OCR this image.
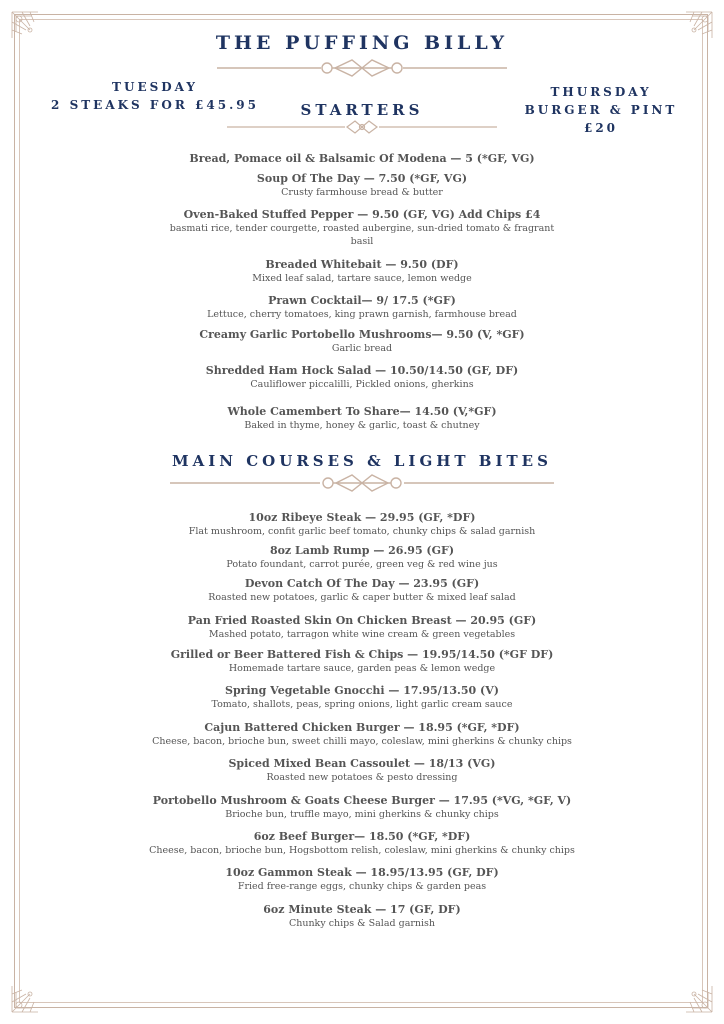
THE PUFFING BILLY
TUESDAY
2 STEAKS FOR £45.95
THURSDAY
BURGER & PINT £20
STARTERS
Bread, Pomace oil & Balsamic Of Modena — 5 (*GF, VG)
Soup Of The Day — 7.50 (*GF, VG)
Crusty farmhouse bread & butter
Oven-Baked Stuffed Pepper — 9.50 (GF, VG) Add Chips £4
basmati rice, tender courgette, roasted aubergine, sun-dried tomato & fragrant basil
Breaded Whitebait — 9.50 (DF)
Mixed leaf salad, tartare sauce, lemon wedge
Prawn Cocktail— 9/ 17.5 (*GF)
Lettuce, cherry tomatoes, king prawn garnish, farmhouse bread
Creamy Garlic Portobello Mushrooms— 9.50 (V, *GF)
Garlic bread
Shredded Ham Hock Salad — 10.50/14.50 (GF, DF)
Cauliflower piccalilli, Pickled onions, gherkins
Whole Camembert To Share— 14.50 (V,*GF)
Baked in thyme, honey & garlic, toast & chutney
MAIN COURSES & LIGHT BITES
10oz Ribeye Steak — 29.95 (GF, *DF)
Flat mushroom, confit garlic beef tomato, chunky chips & salad garnish
8oz Lamb Rump — 26.95 (GF)
Potato foundant, carrot purée, green veg & red wine jus
Devon Catch Of The Day — 23.95 (GF)
Roasted new potatoes, garlic & caper butter & mixed leaf salad
Pan Fried Roasted Skin On Chicken Breast — 20.95 (GF)
Mashed potato, tarragon white wine cream & green vegetables
Grilled or Beer Battered Fish & Chips — 19.95/14.50 (*GF DF)
Homemade tartare sauce, garden peas & lemon wedge
Spring Vegetable Gnocchi — 17.95/13.50 (V)
Tomato, shallots, peas, spring onions, light garlic cream sauce
Cajun Battered Chicken Burger — 18.95 (*GF, *DF)
Cheese, bacon, brioche bun, sweet chilli mayo, coleslaw, mini gherkins & chunky chips
Spiced Mixed Bean Cassoulet — 18/13 (VG)
Roasted new potatoes & pesto dressing
Portobello Mushroom & Goats Cheese Burger — 17.95 (*VG, *GF, V)
Brioche bun, truffle mayo, mini gherkins & chunky chips
6oz Beef Burger— 18.50 (*GF, *DF)
Cheese, bacon, brioche bun, Hogsbottom relish, coleslaw, mini gherkins & chunky chips
10oz Gammon Steak — 18.95/13.95 (GF, DF)
Fried free-range eggs, chunky chips & garden peas
6oz Minute Steak — 17 (GF, DF)
Chunky chips & Salad garnish
